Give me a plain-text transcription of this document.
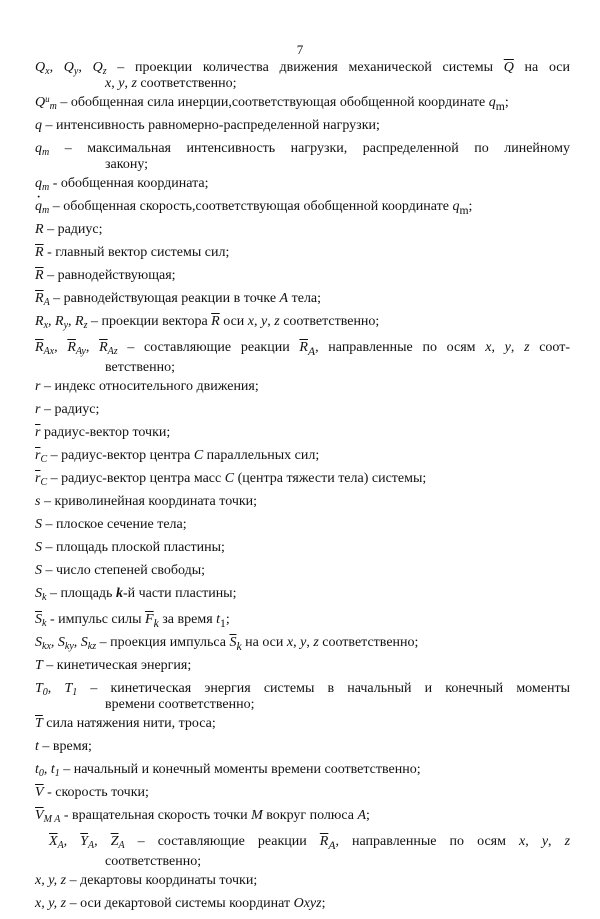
7
$Q_x$, $Q_y$, $Q_z$ – проекции количества движения механической системы $\overline{Q}$ на оси
x, y, z соответственно;
$Q^и_m$ – обобщенная сила инерции,соответствующая обобщенной координате $q_m$;
q – интенсивность равномерно-распределенной нагрузки;
$q_m$ – максимальная интенсивность нагрузки, распределенной по линейному
закону;
$q_m$ - обобщенная координата;
· $q_m$ – обобщенная скорость,соответствующая обобщенной координате $q_m$;
R – радиус;
$\overline{R}$ - главный вектор системы сил;
$\overline{R}$ – равнодействующая;
$\overline{R}_A$ – равнодействующая реакции в точке A тела;
$R_x$, $R_y$, $R_z$ – проекции вектора $\overline{R}$ оси x, y, z соответственно;
$\overline{R}_{Ax}$, $\overline{R}_{Ay}$, $\overline{R}_{Az}$ – составляющие реакции $\overline{R}_A$, направленные по осям x, y, z соот-
ветственно;
r – индекс относительного движения;
r – радиус;
$\overline{r}$ радиус-вектор точки;
$\overline{r}_C$ – радиус-вектор центра C параллельных сил;
$\overline{r}_C$ – радиус-вектор центра масс C (центра тяжести тела) системы;
s – криволинейная координата точки;
S – плоское сечение тела;
S – площадь плоской пластины;
S – число степеней свободы;
$S_k$ – площадь k-й части пластины;
$\overline{S}_k$ - импульс силы $\overline{F}_k$ за время $t_1$;
$S_{kx}$, $S_{ky}$, $S_{kz}$ – проекция импульса $\overline{S}_k$ на оси x, y, z соответственно;
T – кинетическая энергия;
$T_0$, $T_1$ – кинетическая энергия системы в начальный и конечный моменты
времени соответственно;
$\overline{T}$ сила натяжения нити, троса;
t – время;
$t_0$, $t_1$ – начальный и конечный моменты времени соответственно;
$\overline{V}$ - скорость точки;
$\overline{V}_{M A}$ - вращательная скорость точки M вокруг полюса A;
$\overline{X}_A$, $\overline{Y}_A$, $\overline{Z}_A$ – составляющие реакции $\overline{R}_A$, направленные по осям x, y, z
соответственно;
x, y, z – декартовы координаты точки;
x, y, z – оси декартовой системы координат Oxyz;
